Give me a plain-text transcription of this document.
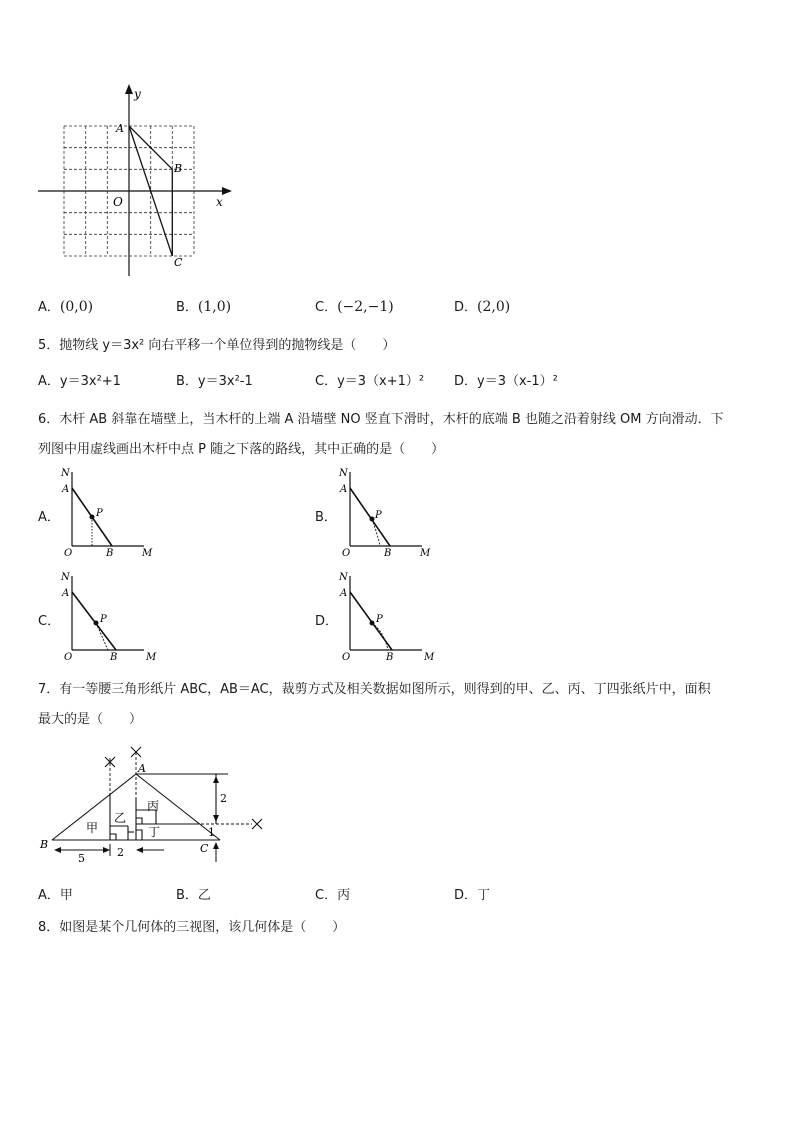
y
x
O
A
B
C
A．(0,0)	B．(1,0)	C．(−2,−1)	D．(2,0)
5．抛物线 y＝3x² 向右平移一个单位得到的抛物线是（　　）
A．y＝3x²+1	B．y＝3x²-1	C．y＝3（x+1）² D．y＝3（x-1）²
6．木杆 AB 斜靠在墙壁上，当木杆的上端 A 沿墙壁 NO 竖直下滑时，木杆的底端 B 也随之沿着射线 OM 方向滑动．下
列图中用虚线画出木杆中点 P 随之下落的路线，其中正确的是（　　）
A．
N
A
P
O	B	M
B．
N
A
P
O	B	M
C．
N
A
P
O	B	M
D．
N
A
P
O	B	M
7．有一等腰三角形纸片 ABC，AB＝AC，裁剪方式及相关数据如图所示，则得到的甲、乙、丙、丁四张纸片中，面积
最大的是（　　）
A
B	C
甲
乙
丙
丁
5	2
2
1
A．甲	B．乙	C．丙	D．丁
8．如图是某个几何体的三视图，该几何体是（　　）
